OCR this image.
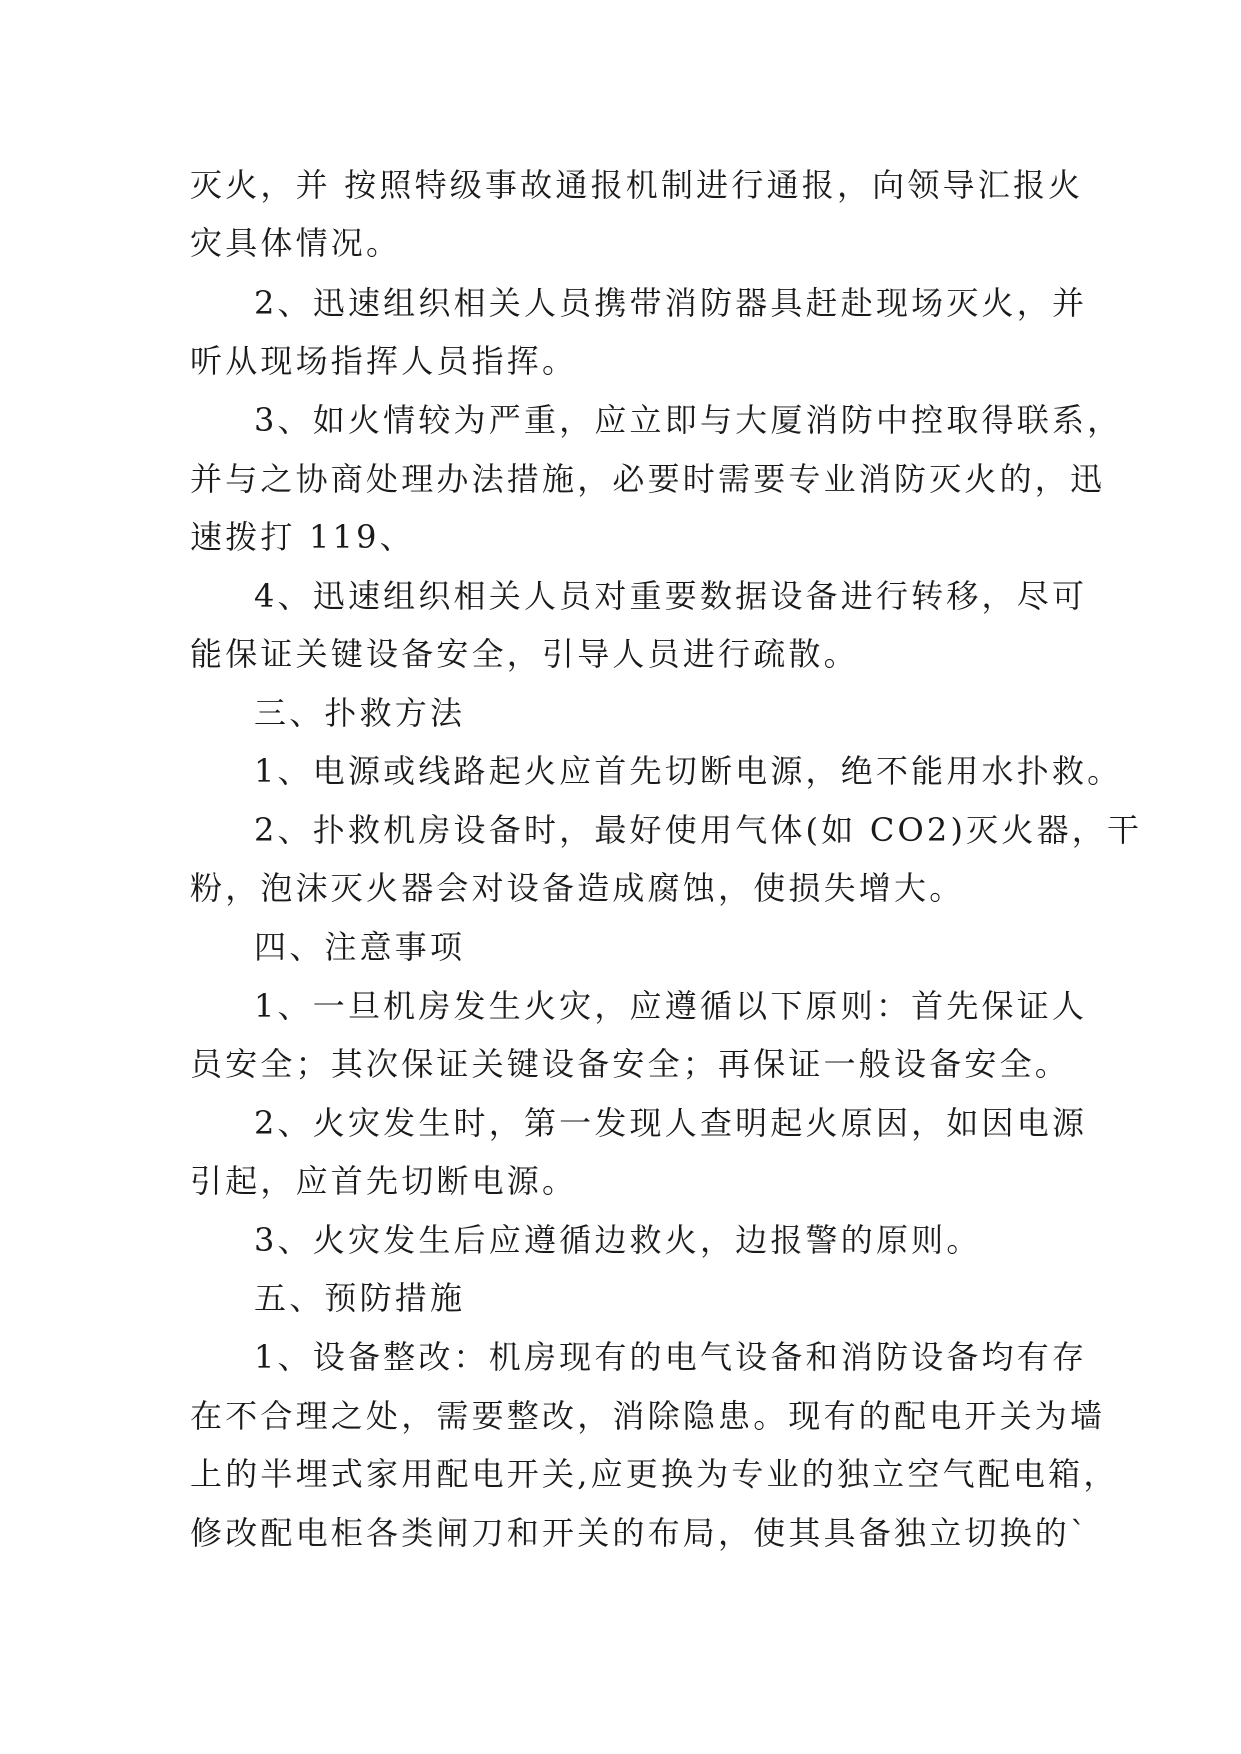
灭火，并 按照特级事故通报机制进行通报，向领导汇报火
灾具体情况。
2、迅速组织相关人员携带消防器具赶赴现场灭火，并
听从现场指挥人员指挥。
3、如火情较为严重，应立即与大厦消防中控取得联系，
并与之协商处理办法措施，必要时需要专业消防灭火的，迅
速拨打 119、
4、迅速组织相关人员对重要数据设备进行转移，尽可
能保证关键设备安全，引导人员进行疏散。
三、扑救方法
1、电源或线路起火应首先切断电源，绝不能用水扑救。
2、扑救机房设备时，最好使用气体(如 CO2)灭火器，干
粉，泡沫灭火器会对设备造成腐蚀，使损失增大。
四、注意事项
1、一旦机房发生火灾，应遵循以下原则：首先保证人
员安全；其次保证关键设备安全；再保证一般设备安全。
2、火灾发生时，第一发现人查明起火原因，如因电源
引起，应首先切断电源。
3、火灾发生后应遵循边救火，边报警的原则。
五、预防措施
1、设备整改：机房现有的电气设备和消防设备均有存
在不合理之处，需要整改，消除隐患。现有的配电开关为墙
上的半埋式家用配电开关,应更换为专业的独立空气配电箱，
修改配电柜各类闸刀和开关的布局，使其具备独立切换的`
